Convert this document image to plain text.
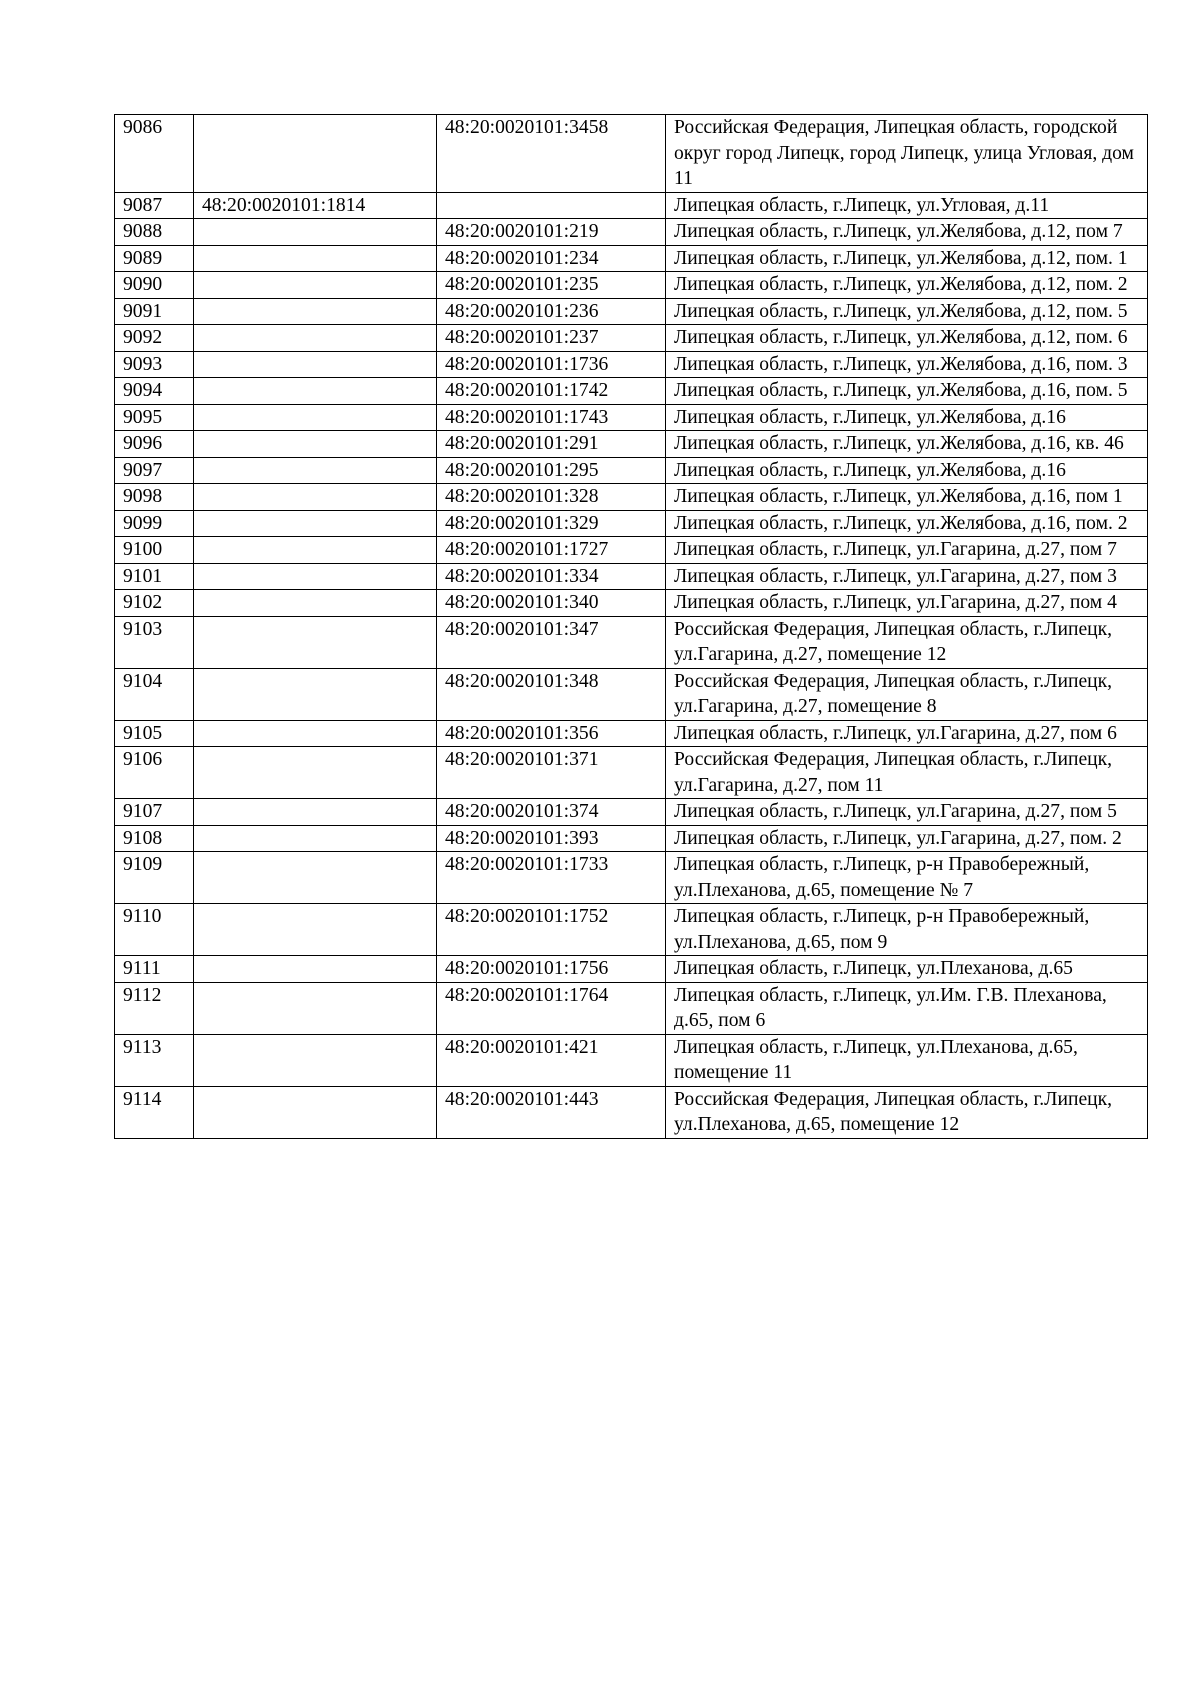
9086		48:20:0020101:3458	Российская Федерация, Липецкая область, городской округ город Липецк, город Липецк, улица Угловая, дом 11
9087	48:20:0020101:1814		Липецкая область, г.Липецк, ул.Угловая, д.11
9088		48:20:0020101:219	Липецкая область, г.Липецк, ул.Желябова, д.12, пом 7
9089		48:20:0020101:234	Липецкая область, г.Липецк, ул.Желябова, д.12, пом. 1
9090		48:20:0020101:235	Липецкая область, г.Липецк, ул.Желябова, д.12, пом. 2
9091		48:20:0020101:236	Липецкая область, г.Липецк, ул.Желябова, д.12, пом. 5
9092		48:20:0020101:237	Липецкая область, г.Липецк, ул.Желябова, д.12, пом. 6
9093		48:20:0020101:1736	Липецкая область, г.Липецк, ул.Желябова, д.16, пом. 3
9094		48:20:0020101:1742	Липецкая область, г.Липецк, ул.Желябова, д.16, пом. 5
9095		48:20:0020101:1743	Липецкая область, г.Липецк, ул.Желябова, д.16
9096		48:20:0020101:291	Липецкая область, г.Липецк, ул.Желябова, д.16, кв. 46
9097		48:20:0020101:295	Липецкая область, г.Липецк, ул.Желябова, д.16
9098		48:20:0020101:328	Липецкая область, г.Липецк, ул.Желябова, д.16, пом 1
9099		48:20:0020101:329	Липецкая область, г.Липецк, ул.Желябова, д.16, пом. 2
9100		48:20:0020101:1727	Липецкая область, г.Липецк, ул.Гагарина, д.27, пом 7
9101		48:20:0020101:334	Липецкая область, г.Липецк, ул.Гагарина, д.27, пом 3
9102		48:20:0020101:340	Липецкая область, г.Липецк, ул.Гагарина, д.27, пом 4
9103		48:20:0020101:347	Российская Федерация, Липецкая область, г.Липецк, ул.Гагарина, д.27, помещение 12
9104		48:20:0020101:348	Российская Федерация, Липецкая область, г.Липецк, ул.Гагарина, д.27, помещение 8
9105		48:20:0020101:356	Липецкая область, г.Липецк, ул.Гагарина, д.27, пом 6
9106		48:20:0020101:371	Российская Федерация, Липецкая область, г.Липецк, ул.Гагарина, д.27, пом 11
9107		48:20:0020101:374	Липецкая область, г.Липецк, ул.Гагарина, д.27, пом 5
9108		48:20:0020101:393	Липецкая область, г.Липецк, ул.Гагарина, д.27, пом. 2
9109		48:20:0020101:1733	Липецкая область, г.Липецк, р-н Правобережный, ул.Плеханова, д.65, помещение № 7
9110		48:20:0020101:1752	Липецкая область, г.Липецк, р-н Правобережный, ул.Плеханова, д.65, пом 9
9111		48:20:0020101:1756	Липецкая область, г.Липецк, ул.Плеханова, д.65
9112		48:20:0020101:1764	Липецкая область, г.Липецк, ул.Им. Г.В. Плеханова, д.65, пом 6
9113		48:20:0020101:421	Липецкая область, г.Липецк, ул.Плеханова, д.65, помещение 11
9114		48:20:0020101:443	Российская Федерация, Липецкая область, г.Липецк, ул.Плеханова, д.65, помещение 12
